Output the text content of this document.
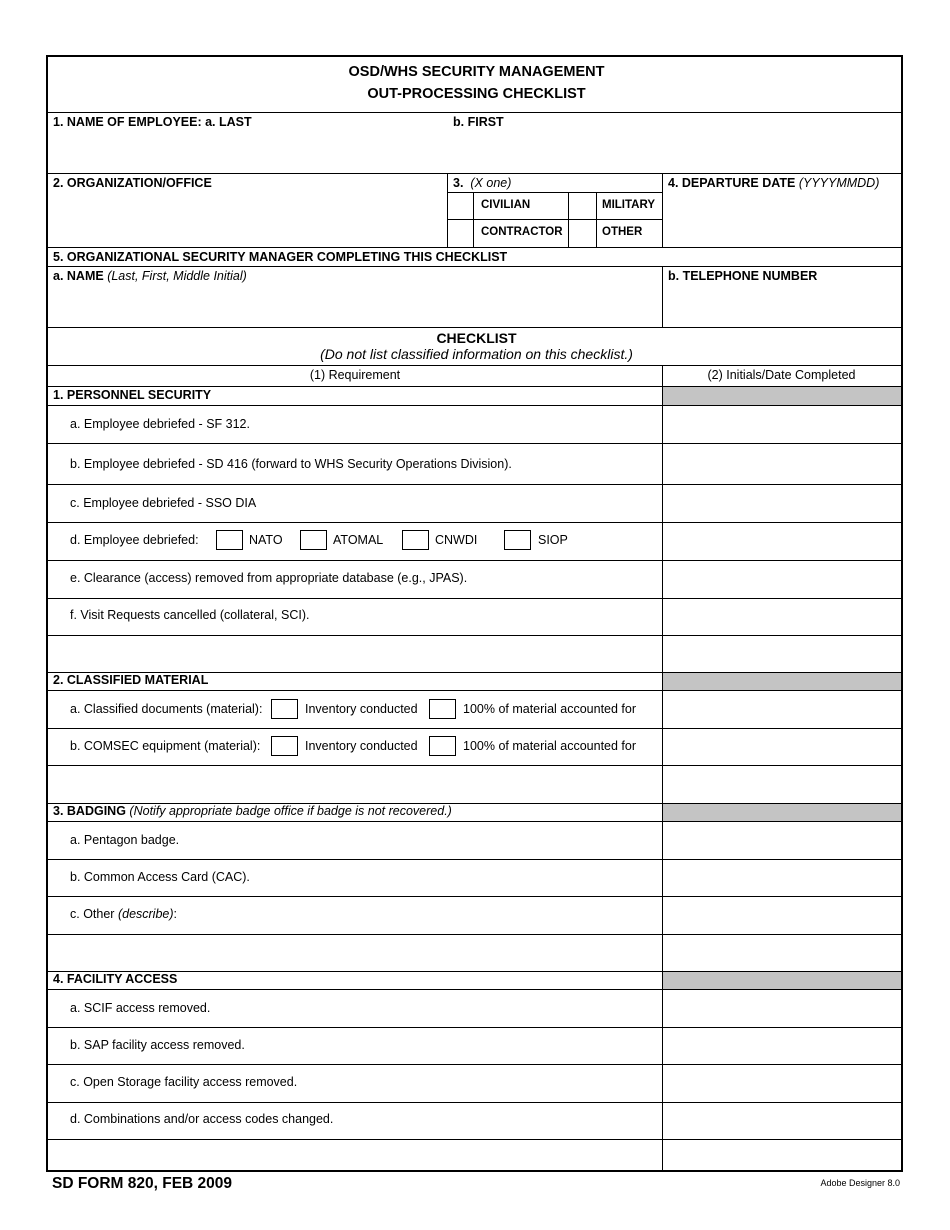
OSD/WHS SECURITY MANAGEMENT
OUT-PROCESSING CHECKLIST
1. NAME OF EMPLOYEE: a. LAST	b. FIRST
2. ORGANIZATION/OFFICE	3. (X one)
CIVILIAN	MILITARY
CONTRACTOR	OTHER
4. DEPARTURE DATE (YYYYMMDD)
5. ORGANIZATIONAL SECURITY MANAGER COMPLETING THIS CHECKLIST
a. NAME (Last, First, Middle Initial)	b. TELEPHONE NUMBER
CHECKLIST
(Do not list classified information on this checklist.)
(1) Requirement	(2) Initials/Date Completed
1. PERSONNEL SECURITY
a. Employee debriefed - SF 312.
b. Employee debriefed - SD 416 (forward to WHS Security Operations Division).
c. Employee debriefed - SSO DIA
d. Employee debriefed:	NATO	ATOMAL	CNWDI	SIOP
e. Clearance (access) removed from appropriate database (e.g., JPAS).
f. Visit Requests cancelled (collateral, SCI).
2. CLASSIFIED MATERIAL
a. Classified documents (material):	Inventory conducted	100% of material accounted for
b. COMSEC equipment (material):	Inventory conducted	100% of material accounted for
3. BADGING (Notify appropriate badge office if badge is not recovered.)
a. Pentagon badge.
b. Common Access Card (CAC).
c. Other (describe):
4. FACILITY ACCESS
a. SCIF access removed.
b. SAP facility access removed.
c. Open Storage facility access removed.
d. Combinations and/or access codes changed.
SD FORM 820, FEB 2009	Adobe Designer 8.0
